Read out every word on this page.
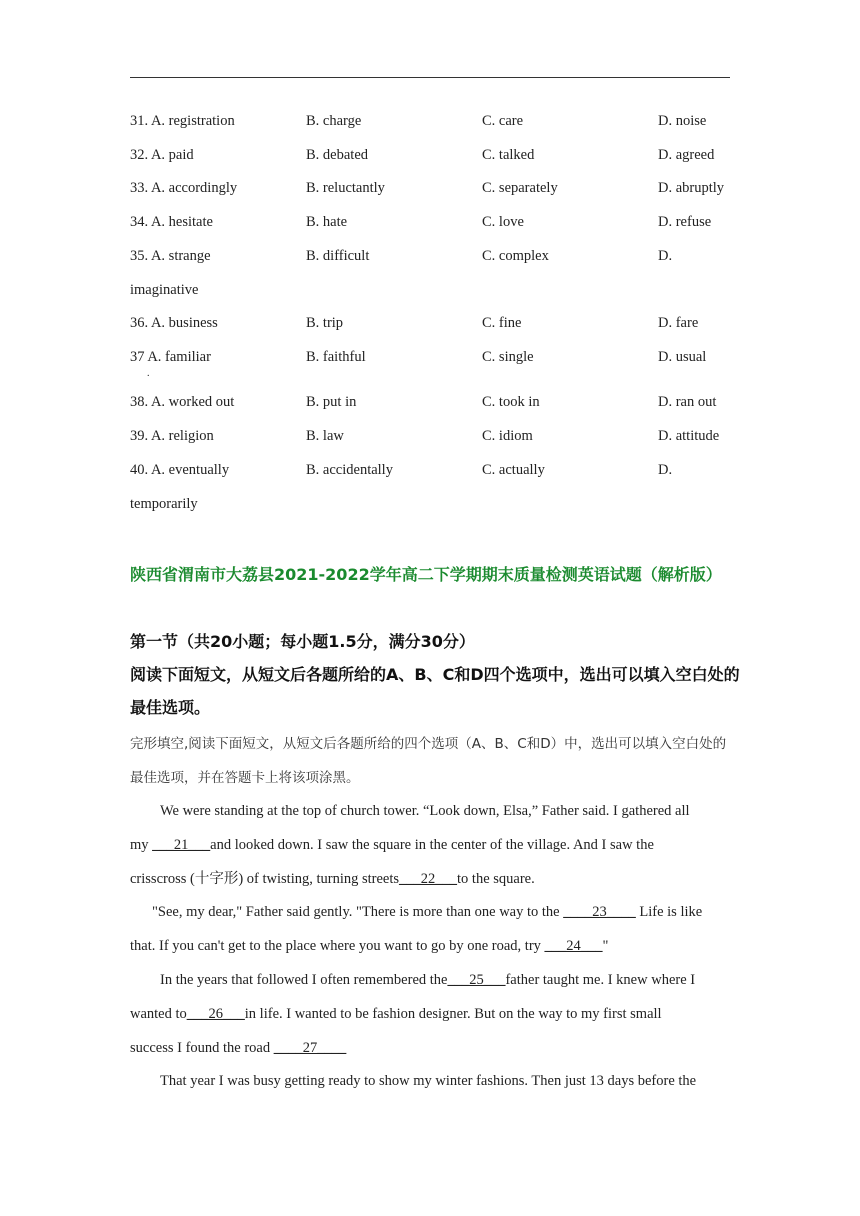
31. A. registration	B. charge	C. care	D. noise
32. A. paid	B. debated	C. talked	D. agreed
33. A. accordingly	B. reluctantly	C. separately	D. abruptly
34. A. hesitate	B. hate	C. love	D. refuse
35. A. strange	B. difficult	C. complex	D.
imaginative
36. A. business	B. trip	C. fine	D. fare
37 A. familiar	B. faithful	C. single	D. usual
.
38. A. worked out	B. put in	C. took in	D. ran out
39. A. religion	B. law	C. idiom	D. attitude
40. A. eventually	B. accidentally	C. actually	D.
temporarily
陕西省渭南市大荔县2021-2022学年高二下学期期末质量检测英语试题（解析版）
第一节（共20小题；每小题1.5分，满分30分）
阅读下面短文，从短文后各题所给的A、B、C和D四个选项中，选出可以填入空白处的最佳选项。
完形填空,阅读下面短文，从短文后各题所给的四个选项（A、B、C和D）中，选出可以填入空白处的最佳选项，并在答题卡上将该项涂黑。
We were standing at the top of church tower. “Look down, Elsa,” Father said. I gathered all
my ___21___and looked down. I saw the square in the center of the village. And I saw the
crisscross (十字形) of twisting, turning streets___22___to the square.
"See, my dear," Father said gently. "There is more than one way to the ____23____ Life is like
that. If you can't get to the place where you want to go by one road, try ___24___"
In the years that followed I often remembered the___25___father taught me. I knew where I
wanted to___26___in life. I wanted to be fashion designer. But on the way to my first small
success I found the road ____27____
That year I was busy getting ready to show my winter fashions. Then just 13 days before the
